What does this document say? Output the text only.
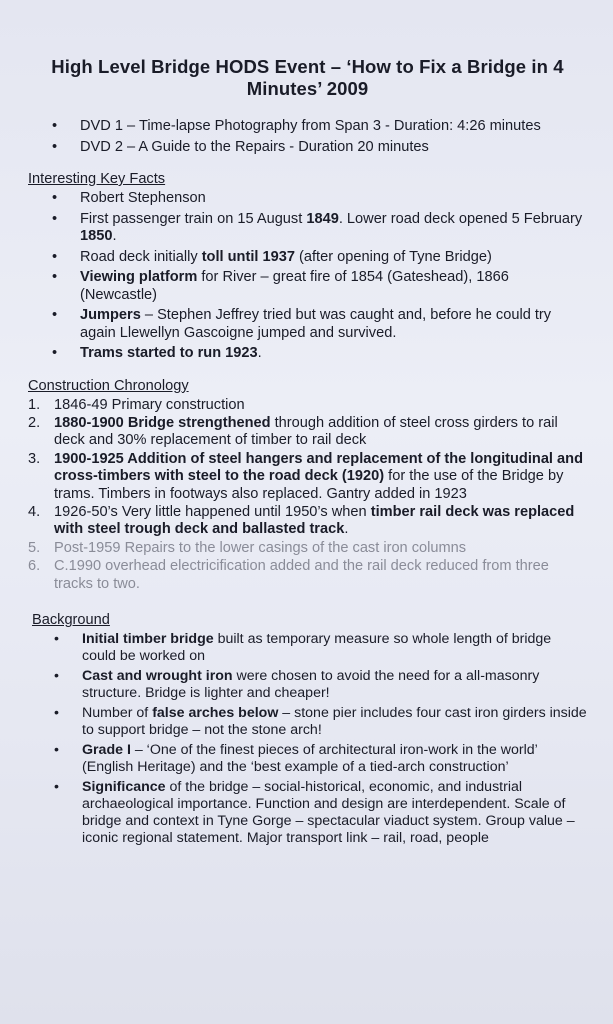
High Level Bridge HODS Event – ‘How to Fix a Bridge in 4 Minutes’ 2009
• DVD 1 – Time-lapse Photography from Span 3 - Duration: 4:26 minutes
• DVD 2 – A Guide to the Repairs - Duration 20 minutes
Interesting Key Facts
• Robert Stephenson
• First passenger train on 15 August 1849. Lower road deck opened 5 February 1850.
• Road deck initially toll until 1937 (after opening of Tyne Bridge)
• Viewing platform for River – great fire of 1854 (Gateshead), 1866 (Newcastle)
• Jumpers – Stephen Jeffrey tried but was caught and, before he could try again Llewellyn Gascoigne jumped and survived.
• Trams started to run 1923.
Construction Chronology
1. 1846-49 Primary construction
2. 1880-1900 Bridge strengthened through addition of steel cross girders to rail deck and 30% replacement of timber to rail deck
3. 1900-1925 Addition of steel hangers and replacement of the longitudinal and cross-timbers with steel to the road deck (1920) for the use of the Bridge by trams. Timbers in footways also replaced. Gantry added in 1923
4. 1926-50’s Very little happened until 1950’s when timber rail deck was replaced with steel trough deck and ballasted track.
5. Post-1959 Repairs to the lower casings of the cast iron columns
6. C.1990 overhead electricification added and the rail deck reduced from three tracks to two.
Background
• Initial timber bridge built as temporary measure so whole length of bridge could be worked on
• Cast and wrought iron were chosen to avoid the need for a all-masonry structure. Bridge is lighter and cheaper!
• Number of false arches below – stone pier includes four cast iron girders inside to support bridge – not the stone arch!
• Grade I – ‘One of the finest pieces of architectural iron-work in the world’ (English Heritage) and the ‘best example of a tied-arch construction’
• Significance of the bridge – social-historical, economic, and industrial archaeological importance. Function and design are interdependent. Scale of bridge and context in Tyne Gorge – spectacular viaduct system. Group value – iconic regional statement. Major transport link – rail, road, people
